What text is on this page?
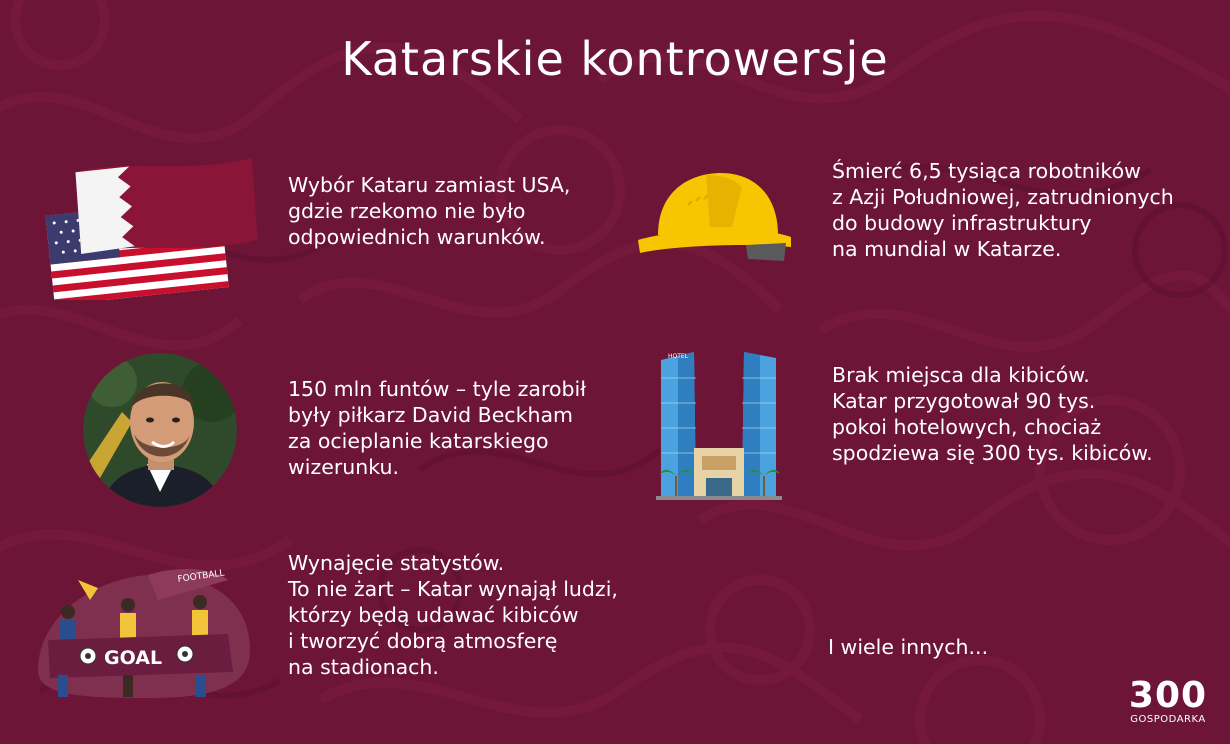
Katarskie kontrowersje
Wybór Kataru zamiast USA,
gdzie rzekomo nie było
odpowiednich warunków.
Śmierć 6,5 tysiąca robotników
z Azji Południowej, zatrudnionych
do budowy infrastruktury
na mundial w Katarze.
150 mln funtów – tyle zarobił
były piłkarz David Beckham
za ocieplanie katarskiego
wizerunku.
HOTEL
Brak miejsca dla kibiców.
Katar przygotował 90 tys.
pokoi hotelowych, chociaż
spodziewa się 300 tys. kibiców.
FOOTBALL
GOAL
Wynajęcie statystów.
To nie żart – Katar wynajął ludzi,
którzy będą udawać kibiców
i tworzyć dobrą atmosferę
na stadionach.
I wiele innych...
300
GOSPODARKA
